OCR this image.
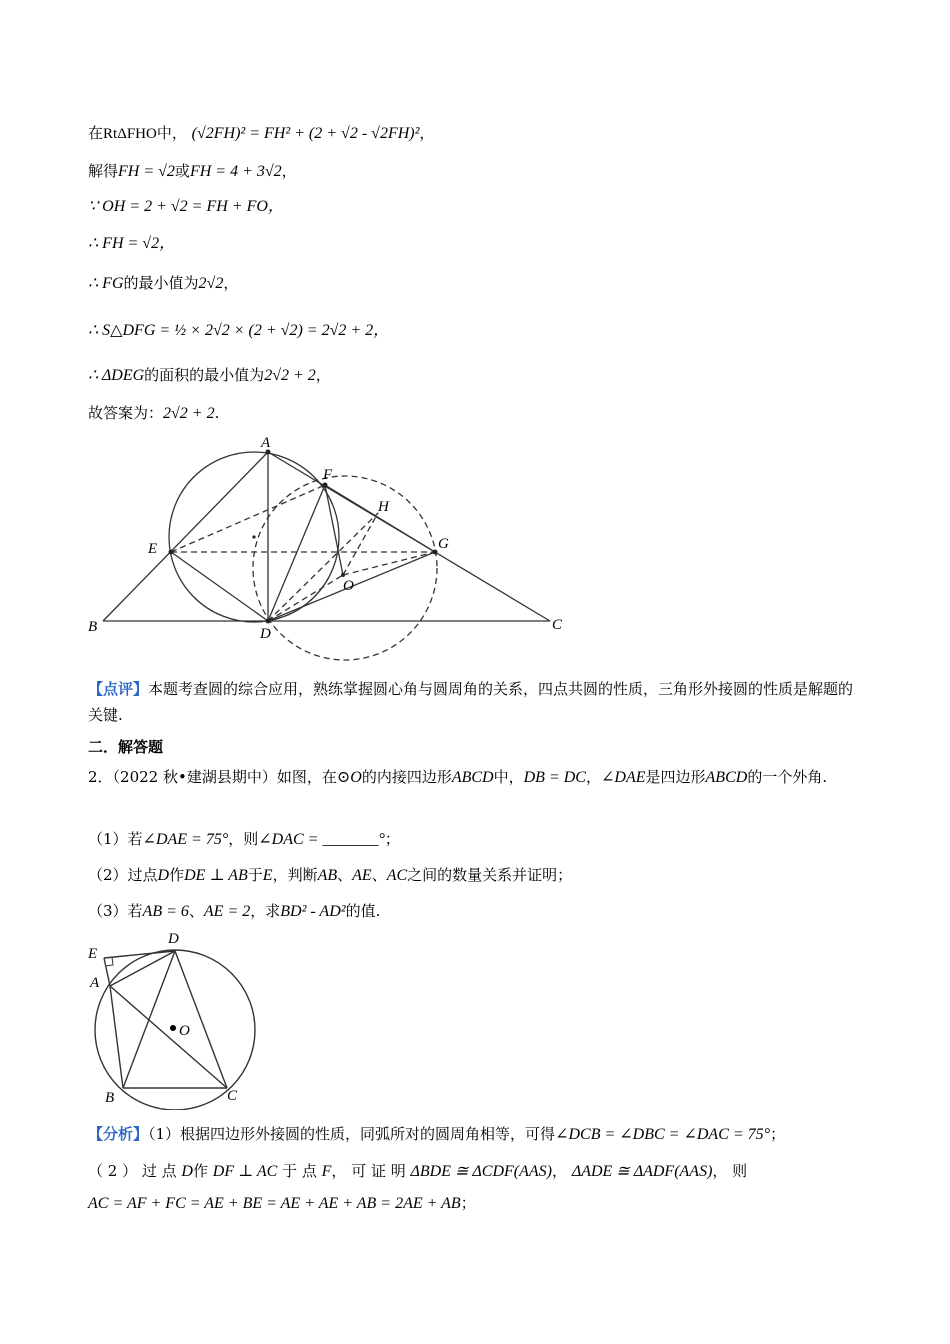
在RtΔFHO中， (√2FH)² = FH² + (2 + √2 - √2FH)²，
解得FH = √2或FH = 4 + 3√2，
∵ OH = 2 + √2 = FH + FO，
∴ FH = √2，
∴ FG的最小值为2√2，
∴ S△DFG = ½ × 2√2 × (2 + √2) = 2√2 + 2，
∴ ΔDEG的面积的最小值为2√2 + 2，
故答案为：2√2 + 2.
A
B	C
D
E
F
G
H
O
【点评】本题考查圆的综合应用，熟练掌握圆心角与圆周角的关系，四点共圆的性质，三角形外接圆的性质是解题的关键.
二．解答题
2．（2022 秋•建湖县期中）如图，在⊙O的内接四边形ABCD中，DB = DC，∠DAE是四边形ABCD的一个外角.
（1）若∠DAE = 75°，则∠DAC = _______°；
（2）过点D作DE ⊥ AB于E，判断AB、AE、AC之间的数量关系并证明；
（3）若AB = 6、AE = 2，求BD² - AD²的值.
D
E
A
O
B	C
【分析】（1）根据四边形外接圆的性质，同弧所对的圆周角相等，可得∠DCB = ∠DBC = ∠DAC = 75°；
（ 2 ） 过 点 D作 DF ⊥ AC 于 点 F， 可 证 明 ΔBDE ≅ ΔCDF(AAS)， ΔADE ≅ ΔADF(AAS)， 则
AC = AF + FC = AE + BE = AE + AE + AB = 2AE + AB；
